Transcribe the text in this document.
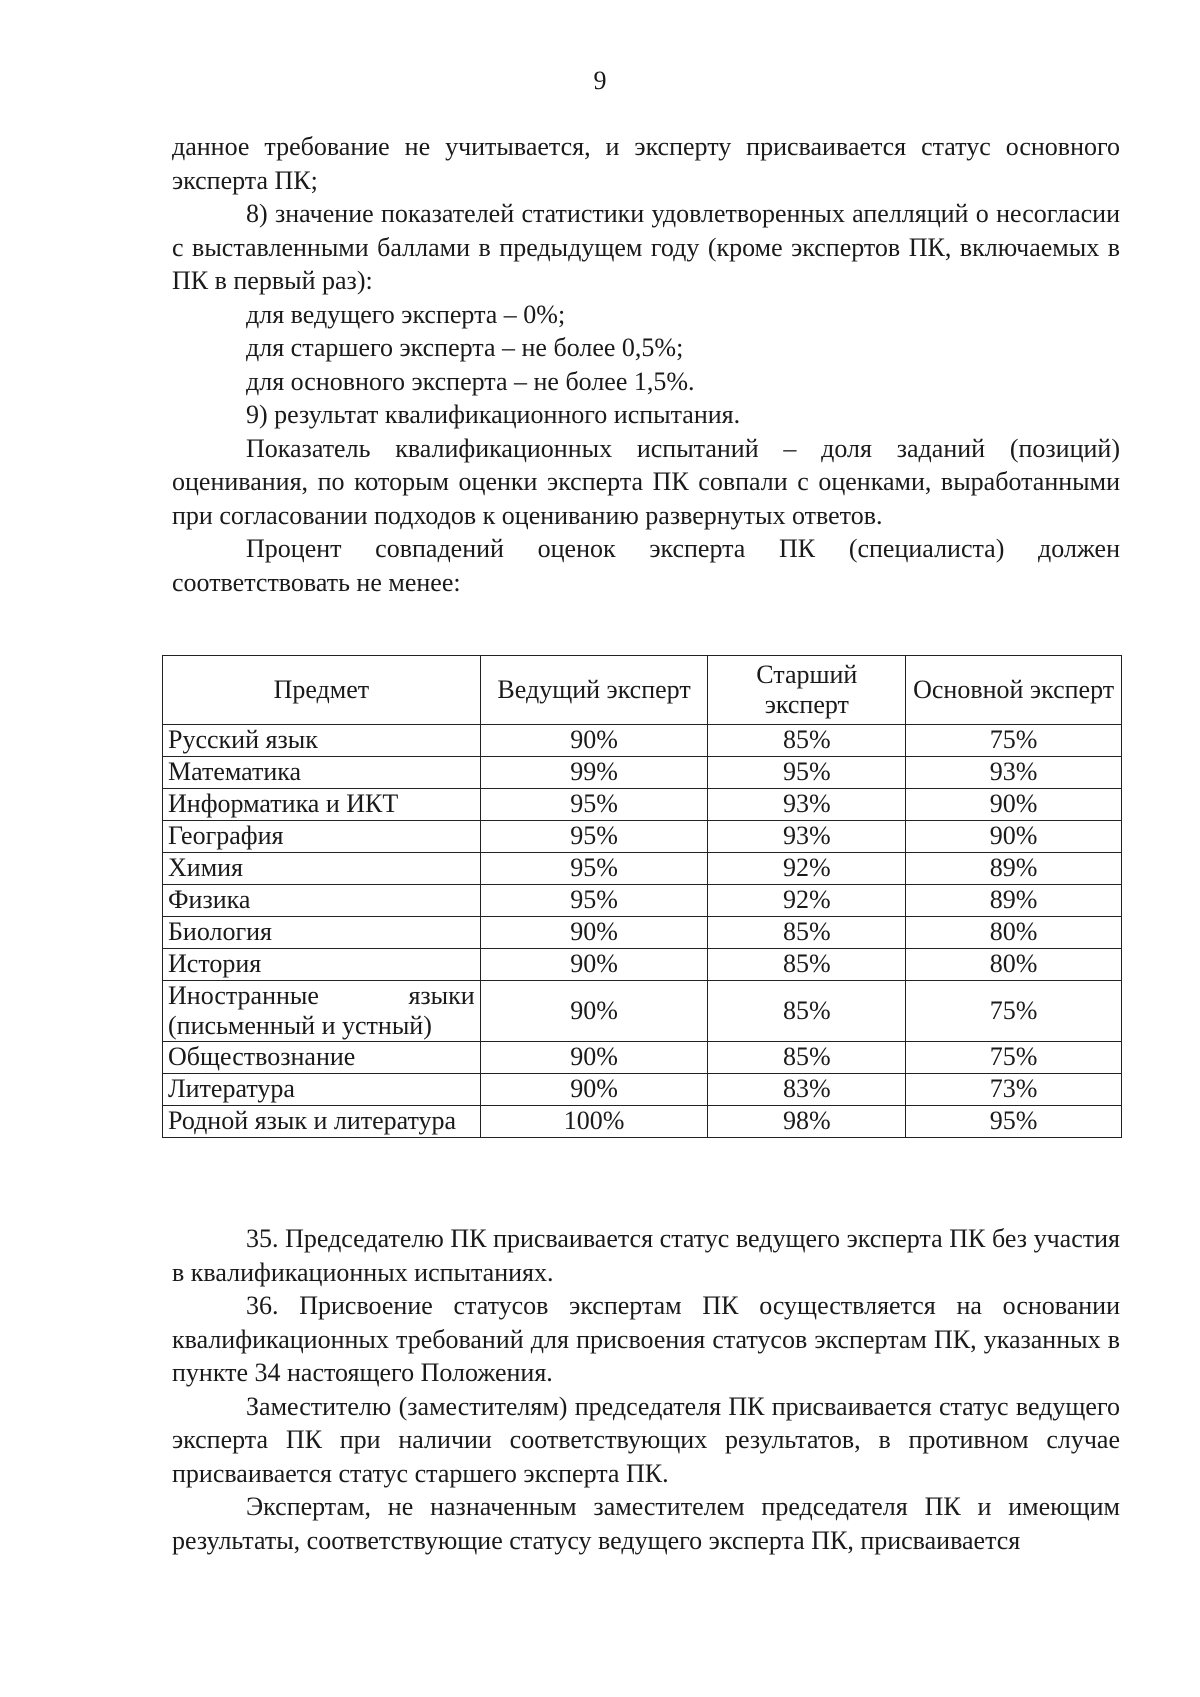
9

данное требование не учитывается, и эксперту присваивается статус основного эксперта ПК;

8) значение показателей статистики удовлетворенных апелляций о несогласии с выставленными баллами в предыдущем году (кроме экспертов ПК, включаемых в ПК в первый раз):

для ведущего эксперта – 0%;

для старшего эксперта – не более 0,5%;

для основного эксперта – не более 1,5%.

9) результат квалификационного испытания.

Показатель квалификационных испытаний – доля заданий (позиций) оценивания, по которым оценки эксперта ПК совпали с оценками, выработанными при согласовании подходов к оцениванию развернутых ответов.

Процент совпадений оценок эксперта ПК (специалиста) должен соответствовать не менее:

Предмет	Ведущий эксперт	Старший эксперт	Основной эксперт
Русский язык	90%	85%	75%
Математика	99%	95%	93%
Информатика и ИКТ	95%	93%	90%
География	95%	93%	90%
Химия	95%	92%	89%
Физика	95%	92%	89%
Биология	90%	85%	80%
История	90%	85%	80%
Иностранные языки (письменный и устный)	90%	85%	75%
Обществознание	90%	85%	75%
Литература	90%	83%	73%
Родной язык и литература	100%	98%	95%

35. Председателю ПК присваивается статус ведущего эксперта ПК без участия в квалификационных испытаниях.

36. Присвоение статусов экспертам ПК осуществляется на основании квалификационных требований для присвоения статусов экспертам ПК, указанных в пункте 34 настоящего Положения.

Заместителю (заместителям) председателя ПК присваивается статус ведущего эксперта ПК при наличии соответствующих результатов, в противном случае присваивается статус старшего эксперта ПК.

Экспертам, не назначенным заместителем председателя ПК и имеющим результаты, соответствующие статусу ведущего эксперта ПК, присваивается
